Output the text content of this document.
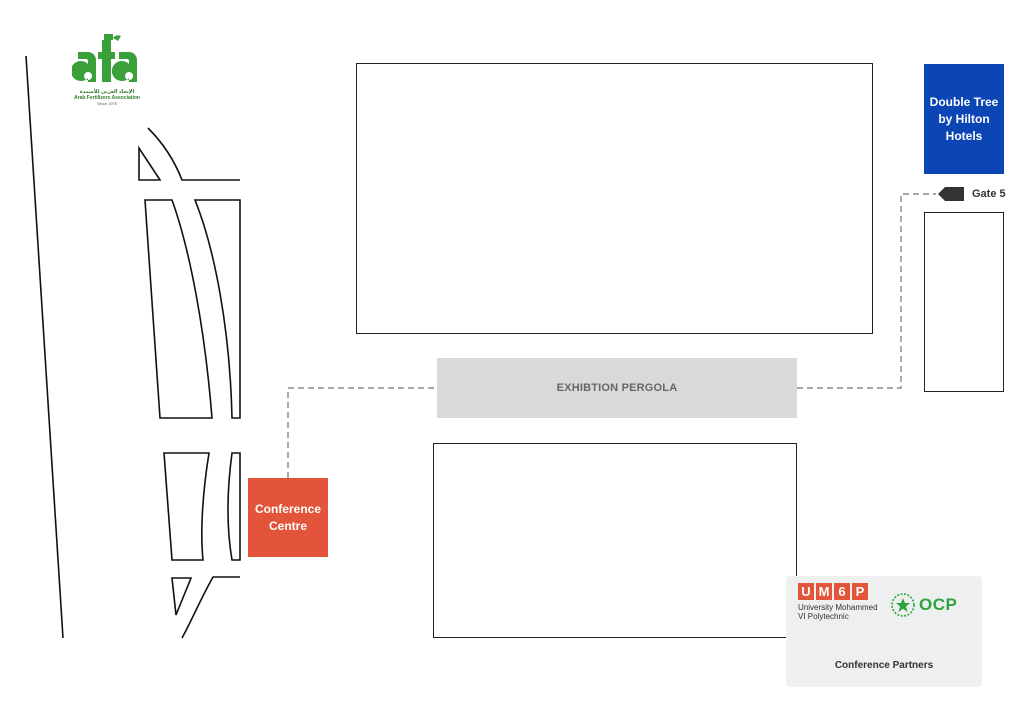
الإتحاد العربي للأسمدة
Arab Fertilizers Association
Since 1975	Double Tree by Hilton Hotels
Gate 5
EXHIBTION PERGOLA
Conference Centre
U M 6 P
University Mohammed VI Polytechnic
OCP
Conference Partners
